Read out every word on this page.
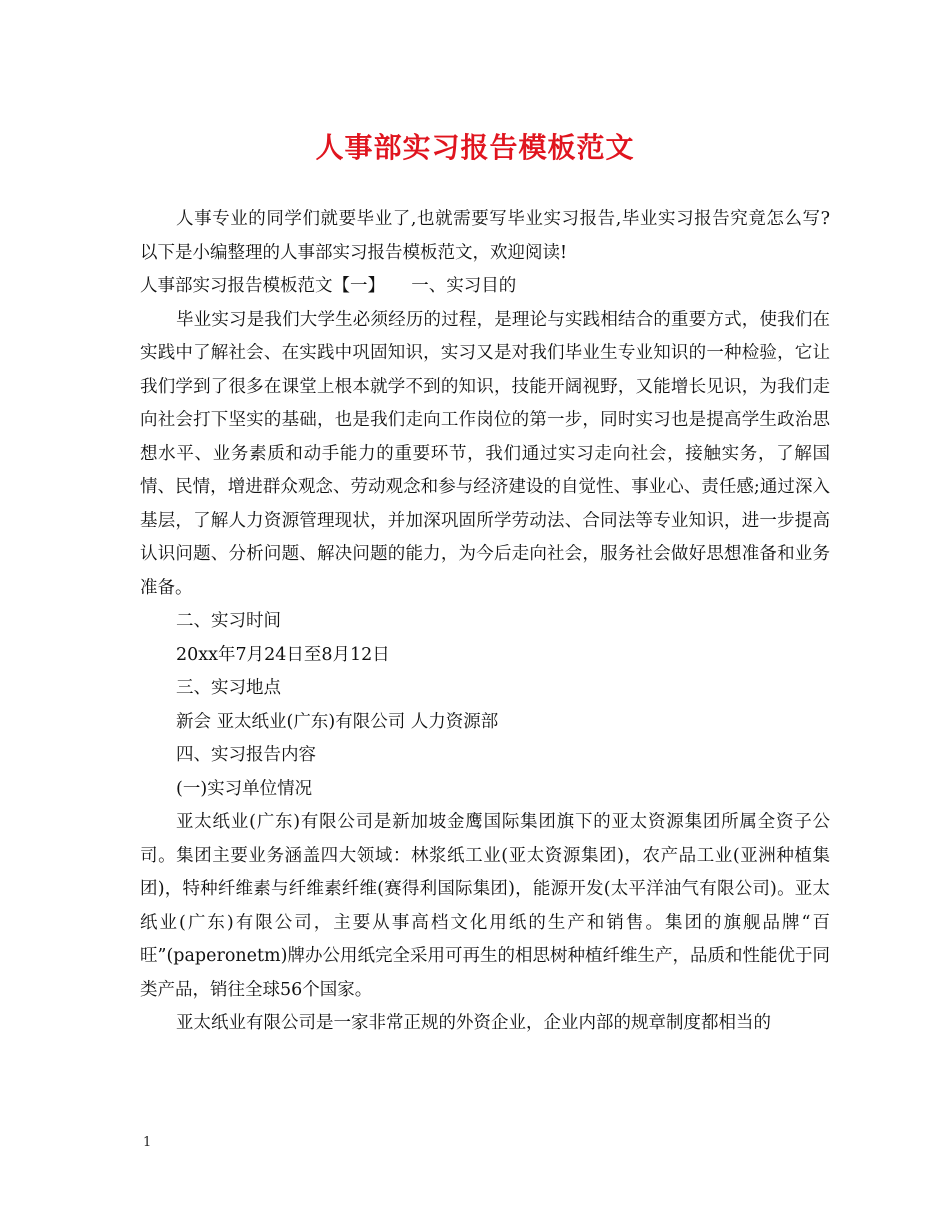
人事部实习报告模板范文

人事专业的同学们就要毕业了,也就需要写毕业实习报告,毕业实习报告究竟怎么写? 以下是小编整理的人事部实习报告模板范文，欢迎阅读!

人事部实习报告模板范文【一】　　一、实习目的

毕业实习是我们大学生必须经历的过程，是理论与实践相结合的重要方式，使我们在实践中了解社会、在实践中巩固知识，实习又是对我们毕业生专业知识的一种检验，它让我们学到了很多在课堂上根本就学不到的知识，技能开阔视野，又能增长见识，为我们走向社会打下坚实的基础，也是我们走向工作岗位的第一步，同时实习也是提高学生政治思想水平、业务素质和动手能力的重要环节，我们通过实习走向社会，接触实务，了解国情、民情，增进群众观念、劳动观念和参与经济建设的自觉性、事业心、责任感;通过深入基层，了解人力资源管理现状，并加深巩固所学劳动法、合同法等专业知识，进一步提高认识问题、分析问题、解决问题的能力，为今后走向社会，服务社会做好思想准备和业务准备。

二、实习时间

20xx年7月24日至8月12日

三、实习地点

新会 亚太纸业(广东)有限公司 人力资源部

四、实习报告内容

(一)实习单位情况

亚太纸业(广东)有限公司是新加坡金鹰国际集团旗下的亚太资源集团所属全资子公司。集团主要业务涵盖四大领域：林浆纸工业(亚太资源集团)，农产品工业(亚洲种植集团)，特种纤维素与纤维素纤维(赛得利国际集团)，能源开发(太平洋油气有限公司)。亚太纸业(广东)有限公司，主要从事高档文化用纸的生产和销售。集团的旗舰品牌“百旺”(paperonetm)牌办公用纸完全采用可再生的相思树种植纤维生产，品质和性能优于同类产品，销往全球56个国家。

亚太纸业有限公司是一家非常正规的外资企业，企业内部的规章制度都相当的

1
